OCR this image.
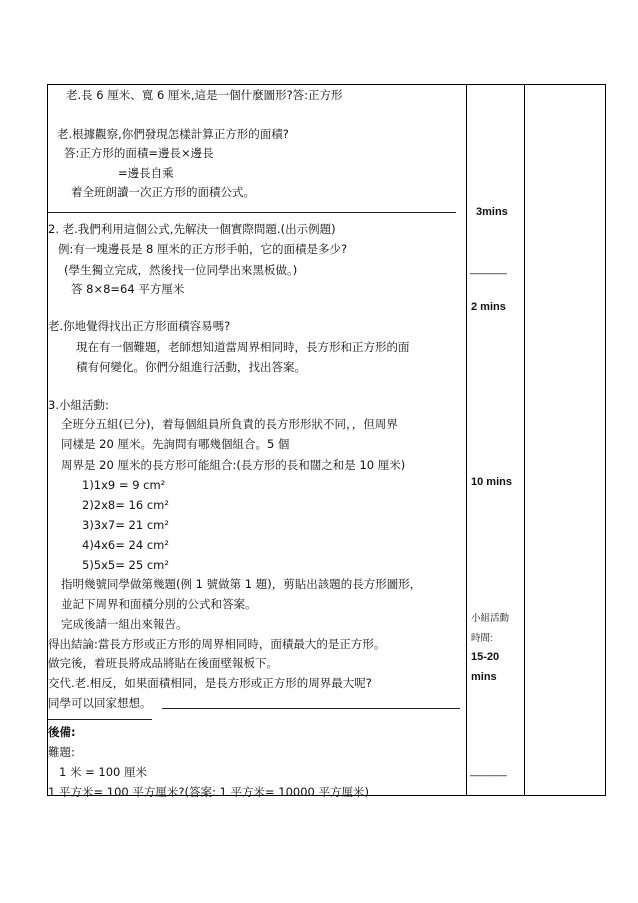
老.長 6 厘米、寬 6 厘米,這是一個什麼圖形?答:正方形
老.根據觀察,你們發現怎樣計算正方形的面積?
答:正方形的面積=邊長×邊長
=邊長自乘
着全班朗讀一次正方形的面積公式。
2. 老.我們利用這個公式,先解決一個實際問題.(出示例題)
例:有一塊邊長是 8 厘米的正方形手帕，它的面積是多少?
(學生獨立完成，然後找一位同學出來黑板做。)
答 8×8=64 平方厘米
老.你地覺得找出正方形面積容易嗎?
現在有一個難題，老師想知道當周界相同時，長方形和正方形的面
積有何變化。你們分組進行活動，找出答案。
3.小組活動:
全班分五組(已分)，着每個組員所負責的長方形形狀不同，，但周界
同樣是 20 厘米。先詢問有哪幾個組合。5 個
周界是 20 厘米的長方形可能組合:(長方形的長和闊之和是 10 厘米)
1)1x9 = 9 cm²
2)2x8= 16 cm²
3)3x7= 21 cm²
4)4x6= 24 cm²
5)5x5= 25 cm²
指明幾號同學做第幾題(例 1 號做第 1 題)，剪貼出該題的長方形圖形，
並記下周界和面積分別的公式和答案。
完成後請一組出來報告。
得出結論:當長方形或正方形的周界相同時，面積最大的是正方形。
做完後，着班長將成品將貼在後面壁報板下。
交代.老.相反，如果面積相同，是長方形或正方形的周界最大呢?
同學可以回家想想。
後備:
難題:
1 米 = 100 厘米
1 平方米= 100 平方厘米?(答案: 1 平方米= 10000 平方厘米)
3mins
______
2 mins
10 mins
小組活動
時間:
15-20
mins
______
